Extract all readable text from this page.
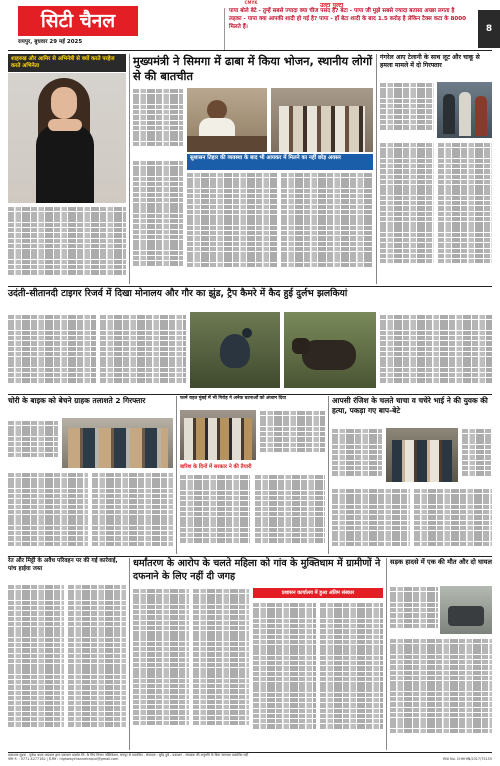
CMYK
सिटी चैनल
रायपुर, बुधवार 29 मई 2025
उल्टा पुल्टा
पापा बोले बेटे - तुम्हें सबसे ज्यादा क्या चीज पसंद है? बेटा - पापा जी मुझे सबसे ज्यादा बतासा अच्छा लगता है
लड़का - पापा क्या आपकी शादी हो गई है? पापा - हाँ बेटा शादी के बाद 1.5 करोड़ है लेकिन टैक्स कटा के 8000 मिलते हैं।	8
शाहरुख और आमिर से अभिनेत्री से क्यों करते परहेज करते अभिनेता	मुख्यमंत्री ने सिमगा में ढाबा में किया भोजन, स्थानीय लोगों से की बातचीत
सुशासन तिहार की व्यवस्था के बाद भी आयकर में मिलने का नहीं छोड़ अवसर
गंगरेल आए टेलानी के साथ लूट और चाकू से हमला मामले में दो गिरफ्तार
उदंती-सीतानदी टाइगर रिजर्व में दिखा मोनालय और गौर का झुंड, ट्रैप कैमरे में कैद हुई दुर्लभ झलकियां
चोरी के बाइक को बेचने ग्राहक तलाशते 2 गिरफ्तार	फार्म राहत मुंबई में भी गिरोह ने अनेक घटनाओं को अंजाम दिया
बारिश के दिनों में सरकार ने की तैयारी
आपसी रंजिश के चलते चाचा व चचेरे भाई ने की युवक की हत्या, पकड़ा गए बाप-बेटे
रेत और मिट्टी के अवैध परिवहन पर की गई कार्रवाई, पांच हाईवा जब्त	धर्मांतरण के आरोप के चलते महिला को गांव के मुक्तिधाम में ग्रामीणों ने दफनाने के लिए नहीं दी जगह
प्रशासन कार्यालय में हुआ अंतिम संस्कार
सड़क हादसे में एक की मौत और दो घायल
प्रकाशक मुद्रक - मुकेश बदक अग्रवाल द्वारा प्रकाशन प्राइवेट लि. के लिए मिस्टर पब्लिकेशन, रायपुर से प्रकाशित - संपादक : सुरेंद्र दुबे - प्रकाशन - संपादक की अनुमति के बिना समाचार प्रकाशित नहीं
फोन नं. : 0771-4277182 | ई-मेल : highwaychannelraipur@gmail.com	RNI No. CHHHIN/2017/75155
